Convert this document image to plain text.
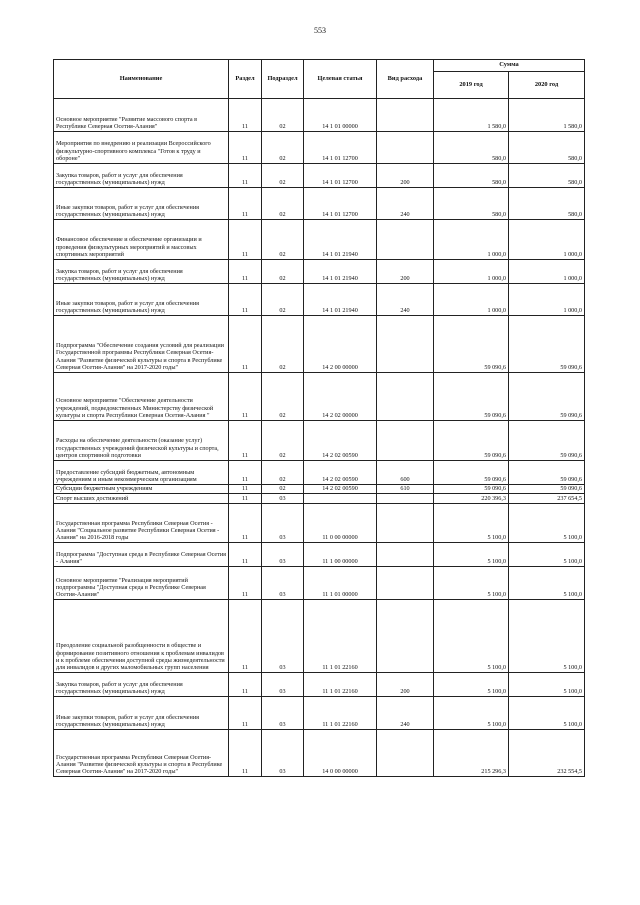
553
Наименование	Раздел	Подраздел	Целевая статья	Вид расхода	Сумма	
					2019 год	2020 год
Основное мероприятие "Развитие массового спорта в Республике Северная Осетия-Алания"	11	02	14 1 01 00000		1 580,0	1 580,0
Мероприятия по внедрению и реализации Всероссийского физкультурно-спортивного комплекса "Готов к труду и обороне"	11	02	14 1 01 12700		580,0	580,0
Закупка товаров, работ и услуг для обеспечения государственных (муниципальных) нужд	11	02	14 1 01 12700	200	580,0	580,0
Иные закупки товаров, работ и услуг для обеспечения государственных (муниципальных) нужд	11	02	14 1 01 12700	240	580,0	580,0
Финансовое обеспечение и обеспечение организации и проведения физкультурных мероприятий и массовых спортивных мероприятий	11	02	14 1 01 21940		1 000,0	1 000,0
Закупка товаров, работ и услуг для обеспечения государственных (муниципальных) нужд	11	02	14 1 01 21940	200	1 000,0	1 000,0
Иные закупки товаров, работ и услуг для обеспечения государственных (муниципальных) нужд	11	02	14 1 01 21940	240	1 000,0	1 000,0
Подпрограмма "Обеспечение создания условий для реализации Государственной программы Республики Северная Осетия-Алания "Развитие физической культуры и спорта в Республике Северная Осетия-Алания" на 2017-2020 годы"	11	02	14 2 00 00000		59 090,6	59 090,6
Основное мероприятие "Обеспечение деятельности учреждений, подведомственных Министерству физической культуры и спорта Республики Северная Осетия-Алания "	11	02	14 2 02 00000		59 090,6	59 090,6
Расходы на обеспечение деятельности (оказание услуг) государственных учреждений физической культуры и спорта, центров спортивной подготовки	11	02	14 2 02 00590		59 090,6	59 090,6
Предоставление субсидий бюджетным, автономным учреждениям и иным некоммерческим организациям	11	02	14 2 02 00590	600	59 090,6	59 090,6
Субсидии бюджетным учреждениям	11	02	14 2 02 00590	610	59 090,6	59 090,6
Спорт высших достижений	11	03			220 396,3	237 654,5
Государственная программа Республики Северная Осетия - Алания "Социальное развитие Республики Северная Осетия - Алания" на 2016-2018 годы	11	03	11 0 00 00000		5 100,0	5 100,0
Подпрограмма "Доступная среда в Республике Северная Осетия - Алания"	11	03	11 1 00 00000		5 100,0	5 100,0
Основное мероприятие "Реализация мероприятий подпрограммы "Доступная среда в Республике Северная Осетия-Алания"	11	03	11 1 01 00000		5 100,0	5 100,0
Преодоление социальной разобщенности в обществе и формирование позитивного отношения к проблемам инвалидов и к проблеме обеспечения доступной среды жизнедеятельности для инвалидов и других маломобильных групп населения	11	03	11 1 01 22160		5 100,0	5 100,0
Закупка товаров, работ и услуг для обеспечения государственных (муниципальных) нужд	11	03	11 1 01 22160	200	5 100,0	5 100,0
Иные закупки товаров, работ и услуг для обеспечения государственных (муниципальных) нужд	11	03	11 1 01 22160	240	5 100,0	5 100,0
Государственная программа Республики Северная Осетия-Алания "Развитие физической культуры и спорта в Республике Северная Осетия-Алания" на 2017-2020 годы"	11	03	14 0 00 00000		215 296,3	232 554,5
